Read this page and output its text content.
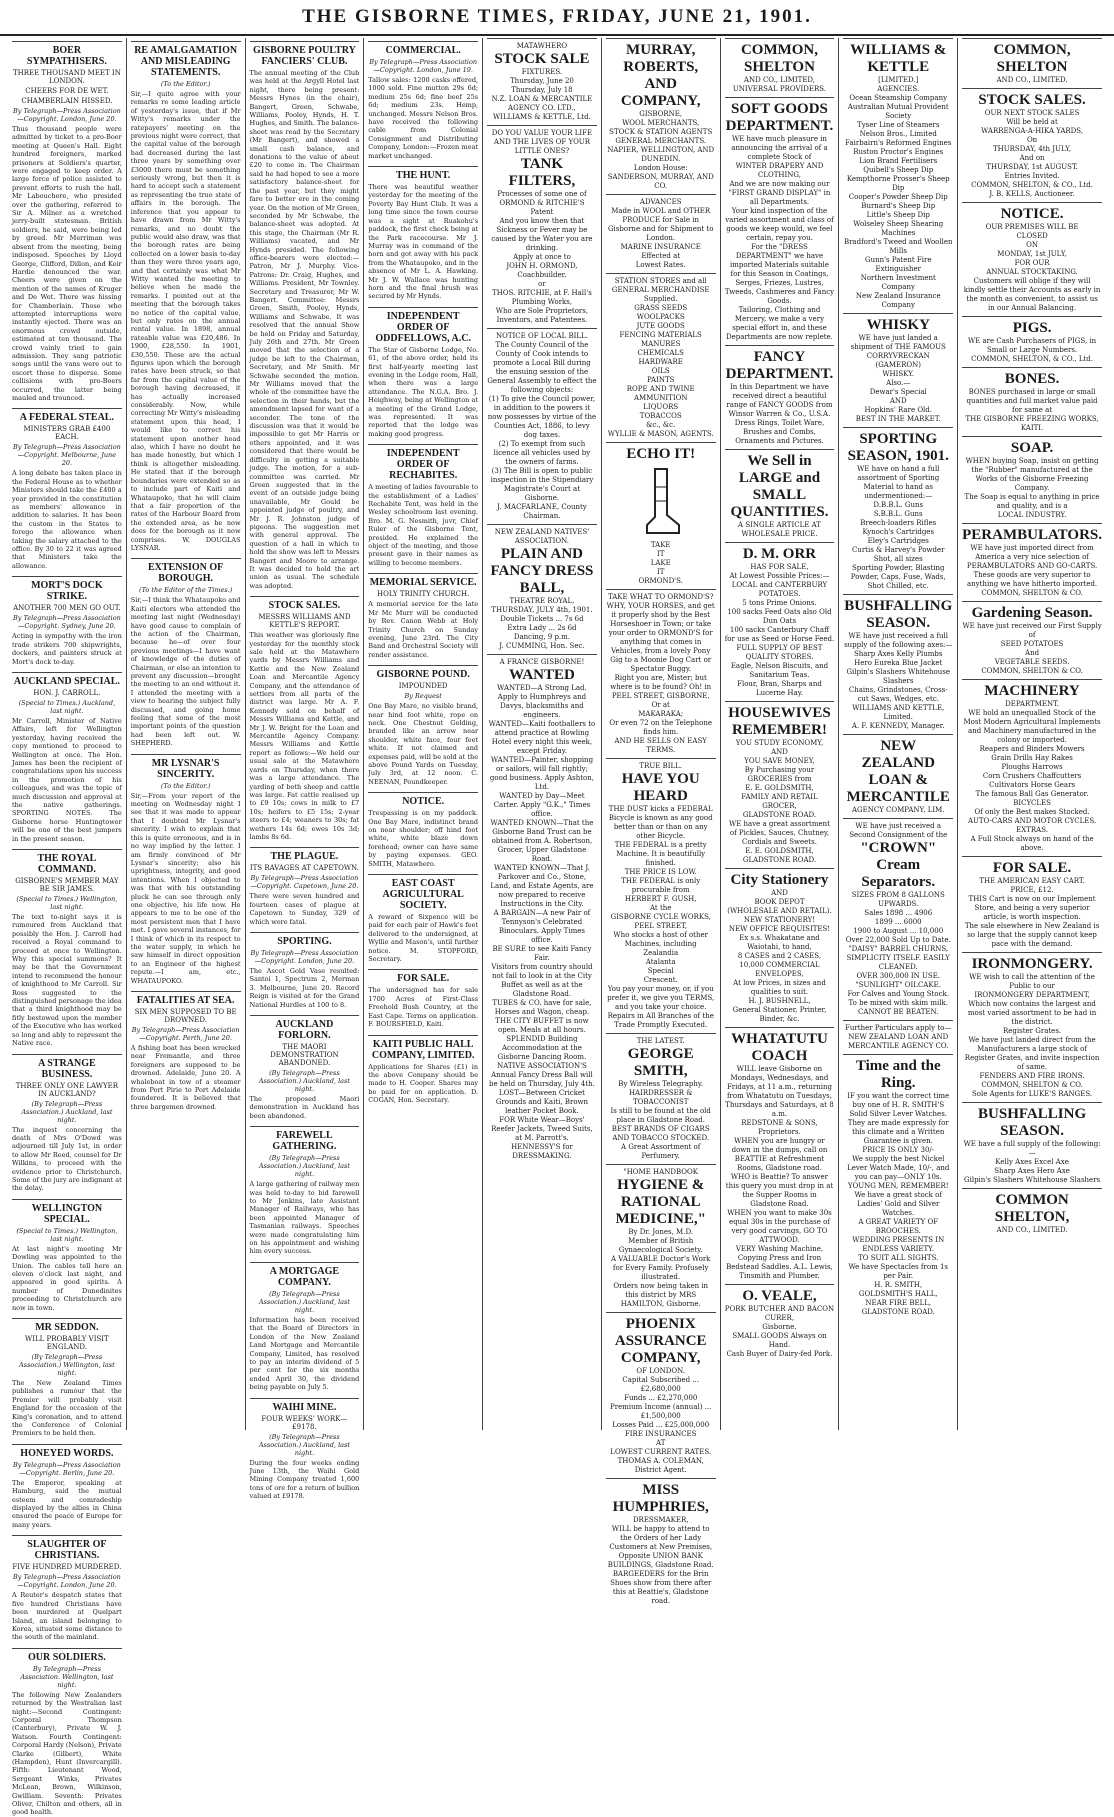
THE GISBORNE TIMES, FRIDAY, JUNE 21, 1901.
BOER SYMPATHISERS.
THREE THOUSAND MEET IN LONDON.
CHEERS FOR DE WET.
CHAMBERLAIN HISSED.
By Telegraph—Press Association—Copyright. London, June 20.
Thus thousand people were admitted by ticket to a pro-Boer meeting at Queen's Hall. Eight hundred foreigners, marked prisoners at Soldiers's quarter, were engaged to keep order. A large force of police assisted to prevent efforts to rush the hall. Mr Labouchere, who presided over the gathering, referred to Sir A. Milner as a wretched jerry-built statesman. British soldiers, he said, were being led by greed. Mr Merriman was absent from the meeting, being indisposed. Speeches by Lloyd George, Clifford, Dillon, and Keir Hardie denounced the war. Cheers were given on the mention of the names of Kruger and De Wet. There was hissing for Chamberlain. Those who attempted interruptions were instantly ejected. There was an enormous crowd outside, estimated at ten thousand. The crowd vainly tried to gain admission. They sang patriotic songs until the vans were out to escort those to disperse. Some collisions with pro-Boers occurred, the latter being mauled and trounced.
A FEDERAL STEAL.
MINISTERS GRAB £400 EACH.
By Telegraph—Press Association—Copyright. Melbourne, June 20.
A long debate has taken place in the Federal House as to whether Ministers should take the £400 a year provided in the constitution as members' allowance in addition to salaries. It has been the custom in the States to forego the allowance when taking the salary attached to the office. By 30 to 22 it was agreed that Ministers take the allowance.
MORT'S DOCK STRIKE.
ANOTHER 700 MEN GO OUT.
By Telegraph—Press Association—Copyright. Sydney, June 20.
Acting in sympathy with the iron trade strikers 700 shipwrights, dockers, and painters struck at Mort's dock to-day.
AUCKLAND SPECIAL.
HON. J. CARROLL.
(Special to Times.) Auckland, last night.
Mr Carroll, Minister of Native Affairs, left for Wellington yesterday, having received the copy mentioned to proceed to Wellington at once. The Hon. James has been the recipient of congratulations upon his success in the promotion of his colleagues, and was the topic of much discussion and approval at the native gatherings. SPORTING NOTES. The Gisborne horse Huntingtower will be one of the best jumpers in the present season.
THE ROYAL COMMAND.
GISBORNE'S MEMBER MAY BE SIR JAMES.
(Special to Times.) Wellington, last night.
The text to-night says it is rumoured from Auckland that possibly the Hon. J. Carroll had received a Royal command to proceed at once to Wellington. Why this special summons? It may be that the Government intend to recommend the honour of knighthood to Mr Carroll. Sir Ross suggested to the distinguished personage the idea that a third knighthood may be fitly bestowed upon the member of the Executive who has worked so long and ably to represent the Native race.
A STRANGE BUSINESS.
THREE ONLY ONE LAWYER IN AUCKLAND?
(By Telegraph—Press Association.) Auckland, last night.
The inquest concerning the death of Mrs O'Dowd was adjourned till July 1st, in order to allow Mr Reed, counsel for Dr Wilkins, to proceed with the evidence prior to Christchurch. Some of the jury are indignant at the delay.
WELLINGTON SPECIAL.
(Special to Times.) Wellington, last night.
At last night's meeting Mr Dowling was appointed to the Union. The cables tell here an eleven o'clock last night, and appeared in good spirits. A number of Dunedinites proceeding to Christchurch are now in town.
MR SEDDON.
WILL PROBABLY VISIT ENGLAND.
(By Telegraph—Press Association.) Wellington, last night.
The New Zealand Times publishes a rumour that the Premier will probably visit England for the occasion of the King's coronation, and to attend the Conference of Colonial Premiers to be held then.
HONEYED WORDS.
By Telegraph—Press Association—Copyright. Berlin, June 20.
The Emperor, speaking at Hamburg, said the mutual esteem and comradeship displayed by the allies in China ensured the peace of Europe for many years.
SLAUGHTER OF CHRISTIANS.
FIVE HUNDRED MURDERED.
By Telegraph—Press Association—Copyright. London, June 20.
A Reuter's despatch states that five hundred Christians have been murdered at Quelpart Island, an island belonging to Korea, situated some distance to the south of the mainland.
OUR SOLDIERS.
By Telegraph—Press Association. Wellington, last night.
The following New Zealanders returned by the Westralian last night:—Second Contingent: Corporal Thompson (Canterbury), Private W. J. Watson. Fourth Contingent: Corporal Hardy (Nelson), Private Clarke (Gilbert), White (Hampden), Hunt (Invercargill). Fifth: Lieutenant Wood, Sergeant Winks, Privates McLean, Brown, Wilkinson, Gwilliam. Seventh: Privates Oliver, Chilton and others, all in good health.
RE AMALGAMATION AND MISLEADING STATEMENTS.
(To the Editor.)
Sir,—I quite agree with your remarks re some leading article of yesterday's issue, that if Mr Witty's remarks under the ratepayers' meeting on the previous night were correct, that the capital value of the borough had decreased during the last three years by something over £3000 there must be something seriously wrong, but then it is hard to accept such a statement as representing the true state of affairs in the borough. The inference that you appear to have drawn from Mr Witty's remarks, and no doubt the public would also draw, was that the borough rates are being collected on a lower basis to-day than they were three years ago, and that certainly was what Mr Witty wanted the meeting to believe when he made the remarks. I pointed out at the meeting that the borough takes no notice of the capital value, but only rates on the annual rental value. In 1898, annual rateable value was £20,486. In 1900, £28,550. In 1901, £30,550. These are the actual figures upon which the borough rates have been struck, so that far from the capital value of the borough having decreased, it has actually increased considerably. Now, while correcting Mr Witty's misleading statement upon this head, I would like to correct his statement upon another head also, which I have no doubt he has made honestly, but which I think is altogether misleading. He stated that if the borough boundaries were extended so as to include part of Kaiti and Whataupoko, that he will claim that a fair proportion of the rates of the Harbour Board from the extended area, as he now does for the borough as it now comprises. W. DOUGLAS LYSNAR.
EXTENSION OF BOROUGH.
(To the Editor of the Times.)
Sir,—I think the Whataupoko and Kaiti electors who attended the meeting last night (Wednesday) have good cause to complain of the action of the Chairman, because he—of over four previous meetings—I have want of knowledge of the duties of Chairman, or else an intention to prevent any discussion—brought the meeting to an end without it. I attended the meeting with a view to hearing the subject fully discussed, and going home feeling that some of the most important points of the question had been left out. W. SHEPHERD.
MR LYSNAR'S SINCERITY.
(To the Editor.)
Sir,—From your report of the meeting on Wednesday night I see that it was made to appear that I doubted Mr Lysnar's sincerity. I wish to explain that this is quite erroneous, and is in no way implied by the letter. I am firmly convinced of Mr Lysnar's sincerity; also his uprightness, integrity, and good intentions. When I objected to was that with his outstanding pluck he can see through only one objective, his life now. He appears to me to be one of the most persistent men that I have met. I gave several instances, for I think of which in its respect to the water supply, in which he saw himself in direct opposition to an Engineer of the highest repute.—I am, etc., WHATAUPOKO.
FATALITIES AT SEA.
SIX MEN SUPPOSED TO BE DROWNED.
By Telegraph—Press Association—Copyright. Perth, June 20.
A fishing boat has been wrecked near Fremantle, and three foreigners are supposed to be drowned. Adelaide, June 20. A whaleboat in tow of a steamer from Port Pirie to Port Adelaide foundered. It is believed that three bargemen drowned.
GISBORNE POULTRY FANCIERS' CLUB.
The annual meeting of the Club was held at the Argyll Hotel last night, there being present: Messrs Hynes (in the chair), Bangert, Green, Schwabe, Williams, Pooley, Hynds, H. T. Hughes, and Smith. The balance-sheet was read by the Secretary (Mr Bangert), and showed a small cash balance, and donations to the value of about £20 to come in. The Chairman said he had hoped to see a more satisfactory balance-sheet for the past year, but they might fare to better ere in the coming year. On the motion of Mr Green, seconded by Mr Schwabe, the balance-sheet was adopted. At this stage, the Chairman (Mr R. Williams) vacated, and Mr Hynds presided. The following office-bearers were elected:—Patron, Mr J. Murphy. Vice-Patrons: Dr. Craig, Hughes, and Williams. President, Mr Townley. Secretary and Treasurer, Mr W. Bangert. Committee: Messrs Green, Smith, Pooley, Hynds, Williams and Schwabe. It was resolved that the annual Show be held on Friday and Saturday, July 26th and 27th. Mr Green moved that the selection of a judge be left to the Chairman, Secretary, and Mr Smith. Mr Schwabe seconded the motion. Mr Williams moved that the whole of the committee have the selection in their hands, but the amendment lapsed for want of a seconder. The tone of the discussion was that it would be impossible to get Mr Harris or others appointed, and it was considered that there would be difficulty in getting a suitable judge. The motion, for a sub-committee was carried. Mr Green suggested that in the event of an outside judge being unavailable, Mr Gould be appointed judge of poultry, and Mr J. R. Johnston judge of pigeons. The suggestion met with general approval. The question of a hall in which to hold the show was left to Messrs Bangert and Moore to arrange. It was decided to hold the art union as usual. The schedule was adopted.
STOCK SALES.
MESSRS WILLIAMS AND KETTLE'S REPORT.
This weather was gloriously fine yesterday for the monthly stock sale held at the Matawhero yards by Messrs Williams and Kettle and the New Zealand Loan and Mercantile Agency Company, and the attendance of settlers from all parts of the district was large. Mr A. F. Kennedy sold on behalf of Messrs Williams and Kettle, and Mr J. W. Bright for the Loan and Mercantile Agency Company. Messrs Williams and Kettle report as follows:—We held our usual sale at the Matawhero yards on Thursday, when there was a large attendance. The yarding of both sheep and cattle was large. Fat cattle realised up to £9 10s; cows in milk to £7 10s; heifers to £5 15s; 2-year steers to £4; weaners to 30s; fat wethers 14s 6d; ewes 10s 3d; lambs 8s 6d.
THE PLAGUE.
ITS RAVAGES AT CAPETOWN.
By Telegraph—Press Association—Copyright. Capetown, June 20.
There were seven hundred and fourteen cases of plague at Capetown to Sunday, 329 of which were fatal.
SPORTING.
By Telegraph—Press Association—Copyright. London, June 20.
The Ascot Gold Vase resulted: Santoi 1, Spectrum 2, Merman 3. Melbourne, June 20. Record Reign is visited at for the Grand National Hurdles at 100 to 8.
AUCKLAND FORLORN.
THE MAORI DEMONSTRATION ABANDONED.
(By Telegraph—Press Association.) Auckland, last night.
The proposed Maori demonstration in Auckland has been abandoned.
FAREWELL GATHERING.
(By Telegraph—Press Association.) Auckland, last night.
A large gathering of railway men was held to-day to bid farewell to Mr Jenkins, late Assistant Manager of Railways, who has been appointed Manager of Tasmanian railways. Speeches were made congratulating him on his appointment and wishing him every success.
A MORTGAGE COMPANY.
(By Telegraph—Press Association.) Auckland, last night.
Information has been received that the Board of Directors in London of the New Zealand Land Mortgage and Mercantile Company, Limited, has resolved to pay an interim dividend of 5 per cent for the six months ended April 30, the dividend being payable on July 5.
WAIHI MINE.
FOUR WEEKS' WORK—£9178.
(By Telegraph—Press Association.) Auckland, last night.
During the four weeks ending June 13th, the Waihi Gold Mining Company treated 1,600 tons of ore for a return of bullion valued at £9178.
COMMERCIAL.
By Telegraph—Press Association—Copyright. London, June 19.
Tallow sales: 1200 casks offered, 1000 sold. Fine mutton 29s 6d; medium 25s 6d; fine beef 25s 6d; medium 23s. Hemp, unchanged. Messrs Nelson Bros. have received the following cable from Colonial Consignment and Distributing Company, London:—Frozen meat market unchanged.
THE HUNT.
There was beautiful weather yesterday for the meeting of the Poverty Bay Hunt Club. It was a long time since the town course was a sight at Ruakohu's paddock, the first check being at the Park racecourse. Mr J. Murray was in command of the horn and got away with his pack from the Whataupoko, and in the absence of Mr L. A. Hawking. Mr J. W. Wallace was hunting horn and the final brush was secured by Mr Hynds.
INDEPENDENT ORDER OF ODDFELLOWS, A.C.
The Star of Gisborne Lodge, No. 61, of the above order, held its first half-yearly meeting last evening in the Lodge room, Hall, when there was a large attendance. The N.G.A. Bro. J. Heighway, being at Wellington at a meeting of the Grand Lodge, was represented. It was reported that the lodge was making good progress.
INDEPENDENT ORDER OF RECHABITES.
A meeting of ladies favourable to the establishment of a Ladies' Rechabite Tent, was held in the Wesley schoolroom last evening. Bro. M. G. Nesmith, juvr, Chief Ruler of the Gisborne Tent, presided. He explained the object of the meeting, and those present gave in their names as willing to become members.
MEMORIAL SERVICE.
HOLY TRINITY CHURCH.
A memorial service for the late Mr Mc Murr will be conducted by Rev. Canon Webb at Holy Trinity Church on Sunday evening, June 23rd. The City Band and Orchestral Society will render assistance.
GISBORNE POUND.
IMPOUNDED
By Request
One Bay Mare, no visible brand, near hind foot white, rope on neck. One Chestnut Gelding, branded like an arrow near shoulder, white face, four feet white. If not claimed and expenses paid, will be sold at the above Pound Yards on Tuesday, July 3rd, at 12 noon. C. NEENAN, Poundkeeper.
NOTICE.
Trespassing is on my paddock. One Bay Mare, indistinct brand on near shoulder; off hind foot white, white blaze down forehead; owner can have same by paying expenses. GEO. SMITH, Matawhero.
EAST COAST AGRICULTURAL SOCIETY.
A reward of Sixpence will be paid for each pair of Hawk's feet delivered to the undersigned, at Wyllie and Mason's, until further notice. M. STOPFORD, Secretary.
FOR SALE.
The undersigned has for sale 1700 Acres of First-Class Freehold Bush Country, at the East Cape. Terms on application. F. BOURSFIELD, Kaiti.
KAITI PUBLIC HALL COMPANY, LIMITED.
Applications for Shares (£1) in the above Company should be made to H. Cooper. Shares may be paid for on application. D. COGAN, Hon. Secretary.
MATAWHERO
STOCK SALE
FIXTURES.
Thursday, June 20
Thursday, July 18
N.Z. LOAN & MERCANTILE AGENCY CO. LTD.,
WILLIAMS & KETTLE, Ltd.
DO YOU VALUE YOUR LIFE AND THE LIVES OF YOUR LITTLE ONES?
TANK FILTERS,
Processes of some one of
ORMOND & RITCHIE'S Patent
And you know then that Sickness or Fever may be caused by the Water you are drinking.
Apply at once to
JOHN H. ORMOND, Coachbuilder,
or
THOS. RITCHIE, at F. Hall's Plumbing Works,
Who are Sole Proprietors, Inventors, and Patentees.
NOTICE OF LOCAL BILL.
The County Council of the County of Cook intends to promote a Local Bill during the ensuing session of the General Assembly to effect the following objects:
(1) To give the Council power, in addition to the powers it now possesses by virtue of the Counties Act, 1886, to levy dog taxes.
(2) To exempt from such licence all vehicles used by the owners of farms.
(3) The Bill is open to public inspection in the Stipendiary Magistrate's Court at Gisborne.
J. MACFARLANE, County Chairman.
NEW ZEALAND NATIVES' ASSOCIATION.
PLAIN AND FANCY DRESS BALL,
THEATRE ROYAL,
THURSDAY, JULY 4th, 1901.
Double Tickets ... 7s 6d
Extra Lady ... 2s 6d
Dancing, 9 p.m.
J. CUMMING, Hon. Sec.
A FRANCE GISBORNE!
WANTED
WANTED—A Strong Lad. Apply to Humphreys and Davys, blacksmiths and engineers.
WANTED—Kaiti footballers to attend practice at Bowling Hotel every night this week, except Friday.
WANTED—Painter, shopping or sailors, will fall rightly; good business. Apply Ashton, Ltd.
WANTED by Day—Meet Carter. Apply "G.K.," Times office.
WANTED KNOWN—That the Gisborne Band Trust can be obtained from A. Robertson, Grocer, Upper Gladstone Road.
WANTED KNOWN—That J. Parkover and Co., Stone, Land, and Estate Agents, are now prepared to receive Instructions in the City.
A BARGAIN—A new Pair of Tennyson's Celebrated Binoculars. Apply Times office.
BE SURE to see Kaiti Fancy Fair.
Visitors from country should not fail to look in at the City Buffet as well as at the Gladstone Road.
TUBES & CO. have for sale, Horses and Wagon, cheap.
THE CITY BUFFET is now open. Meals at all hours.
SPLENDID Building Accommodation at the Gisborne Dancing Room.
NATIVE ASSOCIATION'S Annual Fancy Dress Ball will be held on Thursday, July 4th.
LOST—Between Cricket Grounds and Kaiti, Brown leather Pocket Book.
FOR White Wear—Boys' Reefer Jackets, Tweed Suits, at M. Parrott's.
HENNESSY'S for DRESSMAKING.
MURRAY, ROBERTS, AND COMPANY,
GISBORNE,
WOOL MERCHANTS,
STOCK & STATION AGENTS
GENERAL MERCHANTS.
NAPIER, WELLINGTON, AND DUNEDIN.
London House:
SANDERSON, MURRAY, AND CO.
ADVANCES
Made in WOOL and OTHER PRODUCE for Sale in Gisborne and for Shipment to London.
MARINE INSURANCE
Effected at
Lowest Rates.
STATION STORES and all GENERAL MERCHANDISE Supplied.
GRASS SEEDS
WOOLPACKS
JUTE GOODS
FENCING MATERIALS
MANURES
CHEMICALS
HARDWARE
OILS
PAINTS
ROPE AND TWINE
AMMUNITION
LIQUORS
TOBACCOS
&c., &c.
WYLLIE & MASON, AGENTS.
ECHO IT!
TAKE
IT
LAKE
IT
ORMOND'S.
TAKE WHAT TO ORMOND'S?
WHY, YOUR HORSES, and get it properly shod by the Best Horseshoer in Town; or take your order to ORMOND'S for anything that comes in Vehicles, from a lovely Pony Gig to a Moonie Dog Cart or Spectator Buggy.
Right you are, Mister; but where is to be found? Oh! in
PEEL STREET, GISBORNE,
Or at
MAKARAKA;
Or even 72 on the Telephone finds him.
AND HE SELLS ON EASY TERMS.
TRUE BILL.
HAVE YOU HEARD
THE DUST kicks a FEDERAL Bicycle is known as any good better than or than on any other Bicycle.
THE FEDERAL is a pretty Machine. It is beautifully finished.
THE PRICE IS LOW.
THE FEDERAL is only procurable from
HERBERT F. GUSH,
At the
GISBORNE CYCLE WORKS,
PEEL STREET,
Who stocks a host of other Machines, including
Zealandia
Atalanta
Special
Crescent.
You pay your money, or, if you prefer it, we give you TERMS, and you take your choice.
Repairs in All Branches of the Trade Promptly Executed.
THE LATEST.
GEORGE SMITH,
By Wireless Telegraphy.
HAIRDRESSER & TOBACCONIST
Is still to be found at the old place in Gladstone Road.
BEST BRANDS OF CIGARS AND TOBACCO STOCKED.
A Great Assortment of Perfumery.
"HOME HANDBOOK
HYGIENE & RATIONAL MEDICINE,"
By Dr. Jones, M.D.
Member of British Gynaecological Society.
A VALUABLE Doctor's Work for Every Family. Profusely illustrated.
Orders now being taken in this district by MRS HAMILTON, Gisborne.
PHOENIX ASSURANCE COMPANY,
OF LONDON.
Capital Subscribed ... £2,680,000
Funds ... £2,270,000
Premium Income (annual) ... £1,500,000
Losses Paid ... £25,000,000
FIRE INSURANCES
AT
LOWEST CURRENT RATES.
THOMAS A. COLEMAN, District Agent.
MISS HUMPHRIES,
DRESSMAKER,
WILL be happy to attend to the Orders of her Lady Customers at New Premises, Opposite UNION BANK BUILDINGS, Gladstone Road.
BARGEEDERS for the Brin Shoes show from there after this at Beattie's, Gladstone road.
COMMON, SHELTON
AND CO., LIMITED,
UNIVERSAL PROVIDERS.
SOFT GOODS DEPARTMENT.
WE have much pleasure in announcing the arrival of a complete Stock of
WINTER DRAPERY AND CLOTHING,
And we are now making our "FIRST GRAND DISPLAY" in all Departments.
Your kind inspection of the varied assortment and class of goods we keep would, we feel certain, repay you.
For the "DRESS DEPARTMENT" we have imported Materials suitable for this Season in Coatings, Serges, Friezes, Lustres, Tweeds, Cashmeres and Fancy Goods.
Tailoring, Clothing and Mercery, we make a very special effort in, and these Departments are now replete.
FANCY DEPARTMENT.
In this Department we have received direct a beautiful range of FANCY GOODS from Winsor Warren & Co., U.S.A.
Dress Rings, Toilet Ware, Brushes and Combs, Ornaments and Pictures.
We Sell in LARGE and SMALL QUANTITIES.
A SINGLE ARTICLE AT
WHOLESALE PRICE.
D. M. ORR
HAS FOR SALE,
At Lowest Possible Prices:—
LOCAL and CANTERBURY POTATOES.
5 tons Prime Onions.
100 sacks Feed Oats also Old Dun Oats
100 sacks Canterbury Chaff for use as Seed or Horse Feed.
FULL SUPPLY OF BEST QUALITY STORES.
Eagle, Nelson Biscuits, and Sanitarium Teas.
Flour, Bran, Sharps and Lucerne Hay.
HOUSEWIVES REMEMBER!
YOU STUDY ECONOMY,
AND
YOU SAVE MONEY,
By Purchasing your GROCERIES from
E. E. GOLDSMITH,
FAMILY AND RETAIL GROCER,
GLADSTONE ROAD.
WE have a great assortment of Pickles, Sauces, Chutney, Cordials and Sweets.
E. E. GOLDSMITH,
GLADSTONE ROAD.
City Stationery
AND
BOOK DEPOT
(WHOLESALE AND RETAIL).
NEW STATIONERY!
NEW OFFICE REQUISITES!
Ex s.s. Whakatane and Waiotahi, to hand,
8 CASES and 2 CASES,
10,000 COMMERCIAL ENVELOPES,
At low Prices, in sizes and qualities to suit.
H. J. BUSHNELL,
General Stationer, Printer, Binder, &c.
WHATATUTU COACH
WILL leave Gisborne on Mondays, Wednesdays, and Fridays, at 11 a.m., returning from Whatatutu on Tuesdays, Thursdays and Saturdays, at 8 a.m.
REDSTONE & SONS, Proprietors.
WHEN you are hungry or down in the dumps, call on BEATTIE at Refreshment Rooms, Gladstone road.
WHO is Beattie? To answer this query you must drop in at the Supper Rooms in Gladstone Road.
WHEN you want to make 30s equal 30s in the purchase of very good carvings, GO TO ATTWOOD.
VERY Washing Machine, Copying Press and Iron Bedstead Saddles. A.L. Lewis, Tinsmith and Plumber.
O. VEALE,
PORK BUTCHER AND BACON CURER,
Gisborne.
SMALL GOODS Always on Hand.
Cash Buyer of Dairy-fed Pork.
WILLIAMS & KETTLE
[LIMITED.]
AGENCIES.
Ocean Steamship Company
Australian Mutual Provident Society
Tyser Line of Steamers
Nelson Bros., Limited
Fairbairn's Reformed Engines
Ruston Proctor's Engines
Lion Brand Fertilisers
Quibell's Sheep Dip
Kempthorne Prosser's Sheep Dip
Cooper's Powder Sheep Dip
Burnard's Sheep Dip
Little's Sheep Dip
Wolseley Sheep Shearing Machines
Bradford's Tweed and Woollen Mills
Gunn's Patent Fire Extinguisher
Northern Investment Company
New Zealand Insurance Company
WHISKY
WE have just landed a shipment of THE FAMOUS
CORRYVRECKAN
(GAMERON)
WHISKY.
Also.—
Dewar's Special
AND
Hopkins' Rare Old.
BEST IN THE MARKET.
SPORTING SEASON, 1901.
WE have on hand a full assortment of Sporting Material to hand as undermentioned:—
D.B.B.L. Guns
S.B.B.L. Guns
Breech-loaders Rifles
Kynoch's Cartridges
Eley's Cartridges
Curtis & Harvey's Powder
Shot, all sizes
Sporting Powder, Blasting Powder, Caps, Fuse, Wads, Shot Chilled, etc.
BUSHFALLING SEASON.
WE have just received a full supply of the following axes:—
Sharp Axes Kelly Plumbs
Hero Eureka Blue Jacket
Gilpin's Slashers Whitehouse Slashers
Chains, Grindstones, Cross-cut Saws, Wedges, etc.
WILLIAMS AND KETTLE, Limited.
A. F. KENNEDY, Manager.
NEW ZEALAND LOAN & MERCANTILE
AGENCY COMPANY, LIM.
WE have just received a Second Consignment of the
"CROWN" Cream Separators.
SIZES FROM 8 GALLONS UPWARDS.
Sales 1898 ... 4906
1899 ... 6000
1900 to August ... 10,000
Over 22,000 Sold Up to Date.
"DAISY" BARREL CHURNS,
SIMPLICITY ITSELF. EASILY CLEANED.
OVER 300,000 IN USE.
"SUNLIGHT" OILCAKE.
For Calves and Young Stock. To be mixed with skim milk.
CANNOT BE BEATEN.
Further Particulars apply to—
NEW ZEALAND LOAN AND MERCANTILE AGENCY CO.
Time and the Ring.
IF you want the correct time buy one of H. R. SMITH'S Solid Silver Lever Watches. They are made expressly for this climate and a Written Guarantee is given.
PRICE IS ONLY 30/-
We supply the best Nickel Lever Watch Made, 10/-, and you can pay—ONLY 10s.
YOUNG MEN, REMEMBER!
We have a great stock of Ladies' Gold and Silver Watches.
A GREAT VARIETY OF BROOCHES.
WEDDING PRESENTS IN ENDLESS VARIETY.
TO SUIT ALL SIGHTS.
We have Spectacles from 1s per Pair.
H. R. SMITH,
GOLDSMITH'S HALL,
NEAR FIRE BELL, GLADSTONE ROAD.
COMMON, SHELTON
AND CO., LIMITED.
STOCK SALES.
OUR NEXT STOCK SALES
Will be held at
WARRENGA-A-HIKA YARDS,
On
THURSDAY, 4th JULY,
And on
THURSDAY, 1st AUGUST.
Entries Invited.
COMMON, SHELTON, & CO., Ltd.
J. B. KELLS, Auctioneer.
NOTICE.
OUR PREMISES WILL BE
CLOSED
ON
MONDAY, 1st JULY,
FOR OUR
ANNUAL STOCKTAKING.
Customers will oblige if they will kindly settle their Accounts as early in the month as convenient, to assist us in our Annual Balancing.
PIGS.
WE are Cash Purchasers of PIGS, in Small or Large Numbers.
COMMON, SHELTON, & CO., Ltd.
BONES.
BONES purchased in large or small quantities and full market value paid for same at
THE GISBORNE FREEZING WORKS, KAITI.
SOAP.
WHEN buying Soap, insist on getting the "Rubber" manufactured at the Works of the Gisborne Freezing Company.
The Soap is equal to anything in price and quality, and is a
LOCAL INDUSTRY.
PERAMBULATORS.
WE have just imported direct from America a very nice selection of PERAMBULATORS AND GO-CARTS.
These goods are very superior to anything we have hitherto imported.
COMMON, SHELTON & CO.
Gardening Season.
WE have just received our First Supply of
SEED POTATOES
And
VEGETABLE SEEDS.
COMMON, SHELTON & CO.
MACHINERY
DEPARTMENT.
WE hold an unequalled Stock of the Most Modern Agricultural Implements and Machinery manufactured in the colony or imported.
Reapers and Binders Mowers
Grain Drills Hay Rakes
Ploughs Harrows
Corn Crushers Chaffcutters
Cultivators Horse Gears
The famous Ball Gas Generator.
BICYCLES
Of only the Best makes Stocked.
AUTO-CARS AND MOTOR CYCLES.
EXTRAS.
A Full Stock always on hand of the above.
FOR SALE.
THE AMERICAN EASY CART.
PRICE, £12.
THIS Cart is now on our Implement Store, and being a very superior article, is worth inspection.
The sale elsewhere in New Zealand is so large that the supply cannot keep pace with the demand.
IRONMONGERY.
WE wish to call the attention of the Public to our
IRONMONGERY DEPARTMENT,
Which now contains the largest and most varied assortment to be had in the district.
Register Grates.
We have just landed direct from the Manufacturers a large stock of Register Grates, and invite inspection of same.
FENDERS AND FIRE IRONS.
COMMON, SHELTON & CO.
Sole Agents for LUKE'S RANGES.
BUSHFALLING SEASON.
WE have a full supply of the following:—
Kelly Axes Excel Axe
Sharp Axes Hero Axe
Gilpin's Slashers Whitehouse Slashers
COMMON SHELTON,
AND CO., LIMITED.
